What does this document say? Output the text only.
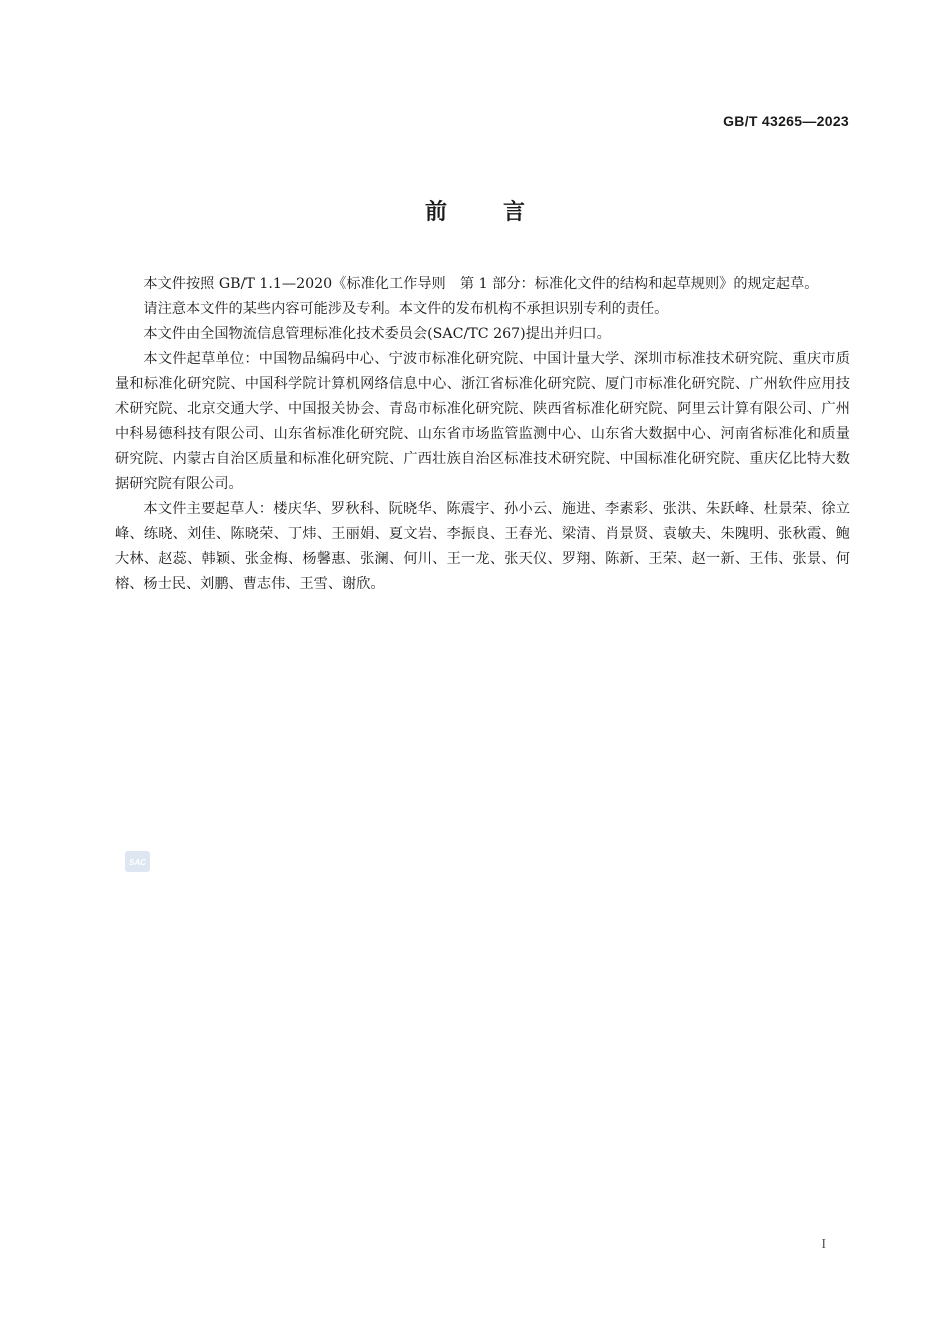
GB/T 43265—2023
前言

本文件按照 GB/T 1.1—2020《标准化工作导则　第 1 部分：标准化文件的结构和起草规则》的规定起草。

请注意本文件的某些内容可能涉及专利。本文件的发布机构不承担识别专利的责任。

本文件由全国物流信息管理标准化技术委员会(SAC/TC 267)提出并归口。

本文件起草单位：中国物品编码中心、宁波市标准化研究院、中国计量大学、深圳市标准技术研究院、重庆市质量和标准化研究院、中国科学院计算机网络信息中心、浙江省标准化研究院、厦门市标准化研究院、广州软件应用技术研究院、北京交通大学、中国报关协会、青岛市标准化研究院、陕西省标准化研究院、阿里云计算有限公司、广州中科易德科技有限公司、山东省标准化研究院、山东省市场监管监测中心、山东省大数据中心、河南省标准化和质量研究院、内蒙古自治区质量和标准化研究院、广西壮族自治区标准技术研究院、中国标准化研究院、重庆亿比特大数据研究院有限公司。

本文件主要起草人：楼庆华、罗秋科、阮晓华、陈震宇、孙小云、施进、李素彩、张洪、朱跃峰、杜景荣、徐立峰、练晓、刘佳、陈晓荣、丁炜、王丽娟、夏文岩、李振良、王春光、梁清、肖景贤、袁敏夫、朱隗明、张秋霞、鲍大林、赵蕊、韩颖、张金梅、杨馨惠、张澜、何川、王一龙、张天仪、罗翔、陈新、王荣、赵一新、王伟、张景、何榕、杨士民、刘鹏、曹志伟、王雪、谢欣。

SAC
I
